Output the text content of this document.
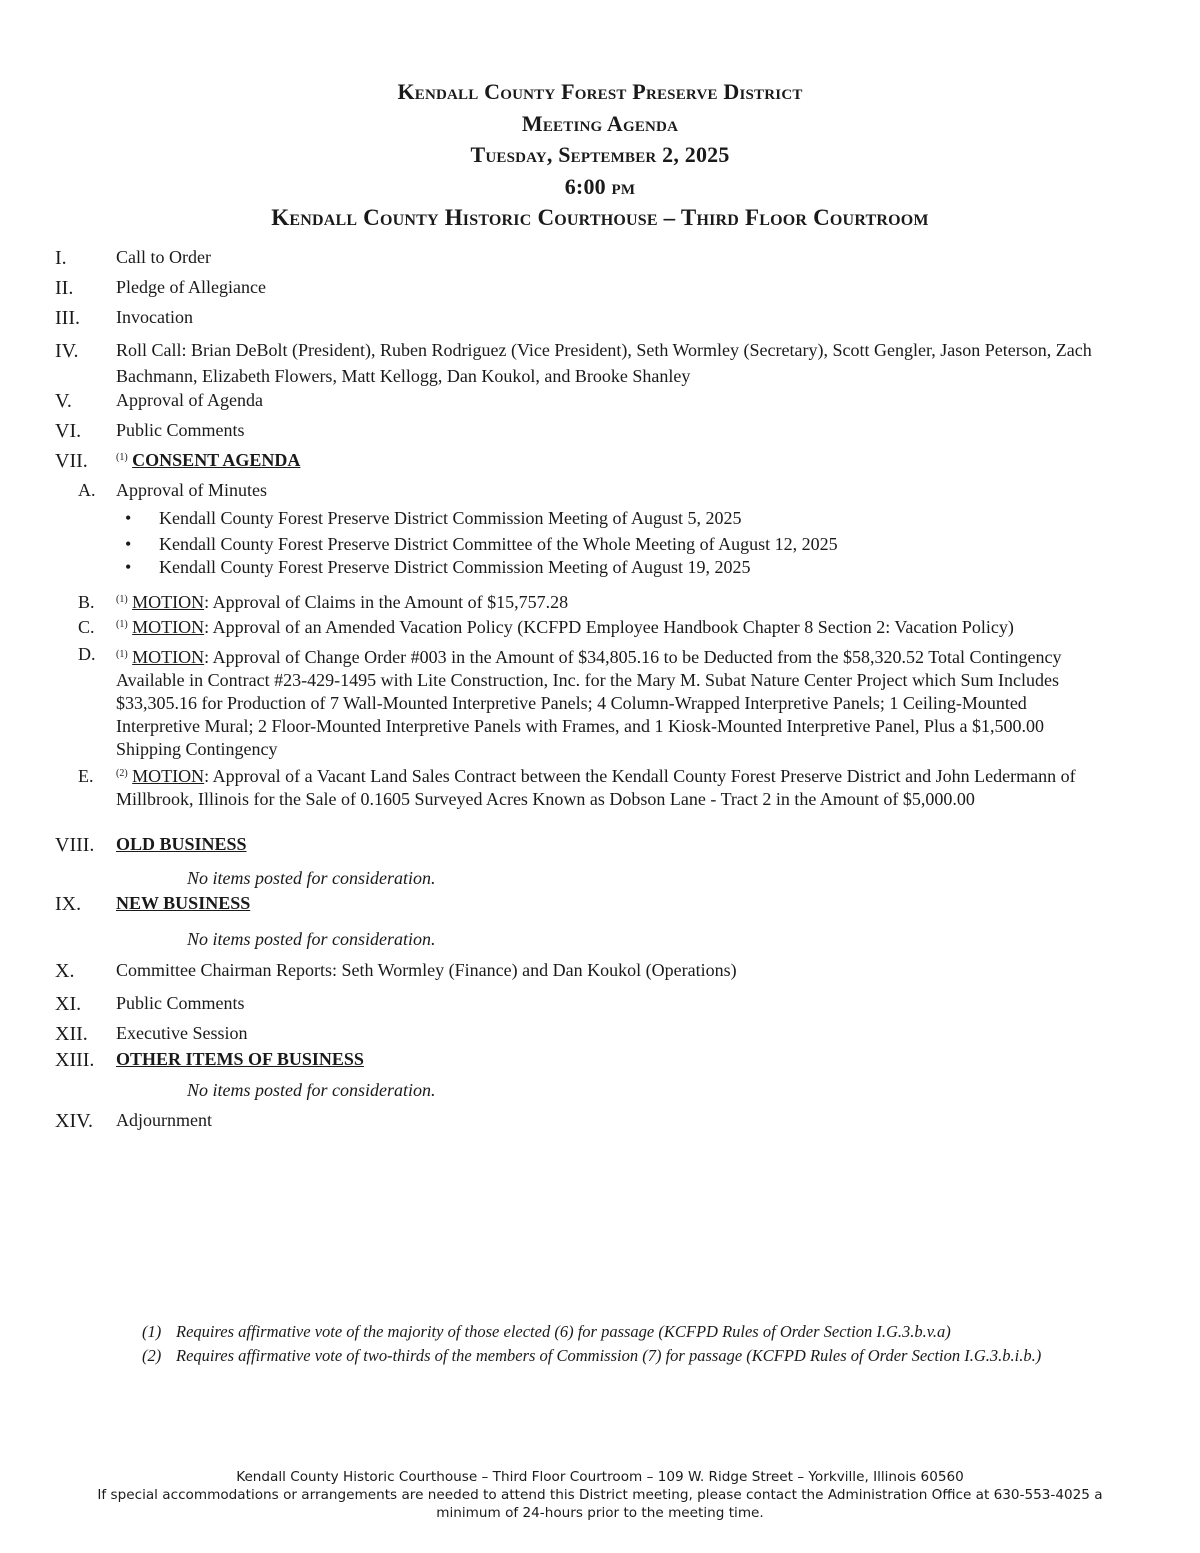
Kendall County Forest Preserve District
Meeting Agenda
Tuesday, September 2, 2025
6:00 pm
Kendall County Historic Courthouse – Third Floor Courtroom
I.	Call to Order
II. Pledge of Allegiance
III. Invocation
IV. Roll Call: Brian DeBolt (President), Ruben Rodriguez (Vice President), Seth Wormley (Secretary), Scott Gengler, Jason Peterson, Zach Bachmann, Elizabeth Flowers, Matt Kellogg, Dan Koukol, and Brooke Shanley
V. Approval of Agenda
VI. Public Comments
VII.	$^{(1)}$ CONSENT AGENDA
A. Approval of Minutes
• Kendall County Forest Preserve District Commission Meeting of August 5, 2025
• Kendall County Forest Preserve District Committee of the Whole Meeting of August 12, 2025
• Kendall County Forest Preserve District Commission Meeting of August 19, 2025
B. $^{(1)}$ MOTION: Approval of Claims in the Amount of $15,757.28
C. $^{(1)}$ MOTION: Approval of an Amended Vacation Policy (KCFPD Employee Handbook Chapter 8 Section 2: Vacation Policy)
D. $^{(1)}$ MOTION: Approval of Change Order #003 in the Amount of $34,805.16 to be Deducted from the $58,320.52 Total Contingency Available in Contract #23-429-1495 with Lite Construction, Inc. for the Mary M. Subat Nature Center Project which Sum Includes $33,305.16 for Production of 7 Wall-Mounted Interpretive Panels; 4 Column-Wrapped Interpretive Panels; 1 Ceiling-Mounted Interpretive Mural; 2 Floor-Mounted Interpretive Panels with Frames, and 1 Kiosk-Mounted Interpretive Panel, Plus a $1,500.00 Shipping Contingency
E. $^{(2)}$ MOTION: Approval of a Vacant Land Sales Contract between the Kendall County Forest Preserve District and John Ledermann of Millbrook, Illinois for the Sale of 0.1605 Surveyed Acres Known as Dobson Lane - Tract 2 in the Amount of $5,000.00
VIII. OLD BUSINESS
No items posted for consideration.
IX. NEW BUSINESS
No items posted for consideration.
X. Committee Chairman Reports: Seth Wormley (Finance) and Dan Koukol (Operations)
XI. Public Comments
XII. Executive Session
XIII. OTHER ITEMS OF BUSINESS
No items posted for consideration.
XIV. Adjournment
(1) Requires affirmative vote of the majority of those elected (6) for passage (KCFPD Rules of Order Section I.G.3.b.v.a)
(2) Requires affirmative vote of two-thirds of the members of Commission (7) for passage (KCFPD Rules of Order Section I.G.3.b.i.b.)
Kendall County Historic Courthouse – Third Floor Courtroom – 109 W. Ridge Street – Yorkville, Illinois 60560
If special accommodations or arrangements are needed to attend this District meeting, please contact the Administration Office at 630-553-4025 a
minimum of 24-hours prior to the meeting time.
